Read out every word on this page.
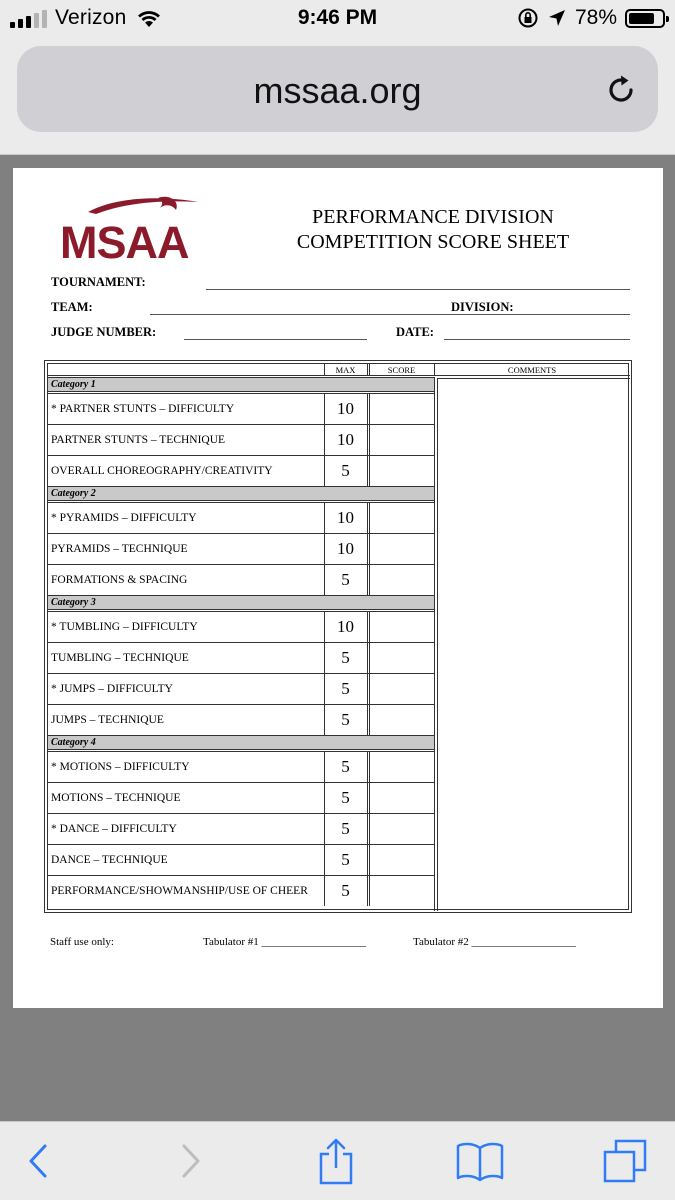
Verizon	9:46 PM	78%
mssaa.org
MSAA	PERFORMANCE DIVISION
COMPETITION SCORE SHEET
TOURNAMENT:
TEAM:	DIVISION:
JUDGE NUMBER:	DATE:
MAX	SCORE	COMMENTS
Category 1
* PARTNER STUNTS – DIFFICULTY	10
PARTNER STUNTS – TECHNIQUE	10
OVERALL CHOREOGRAPHY/CREATIVITY	5
Category 2
* PYRAMIDS – DIFFICULTY	10
PYRAMIDS – TECHNIQUE	10
FORMATIONS & SPACING	5
Category 3
* TUMBLING – DIFFICULTY	10
TUMBLING – TECHNIQUE	5
* JUMPS – DIFFICULTY	5
JUMPS – TECHNIQUE	5
Category 4
* MOTIONS – DIFFICULTY	5
MOTIONS – TECHNIQUE	5
* DANCE – DIFFICULTY	5
DANCE – TECHNIQUE	5
PERFORMANCE/SHOWMANSHIP/USE OF CHEER	5
Staff use only:	Tabulator #1 ___________________	Tabulator #2 ___________________
